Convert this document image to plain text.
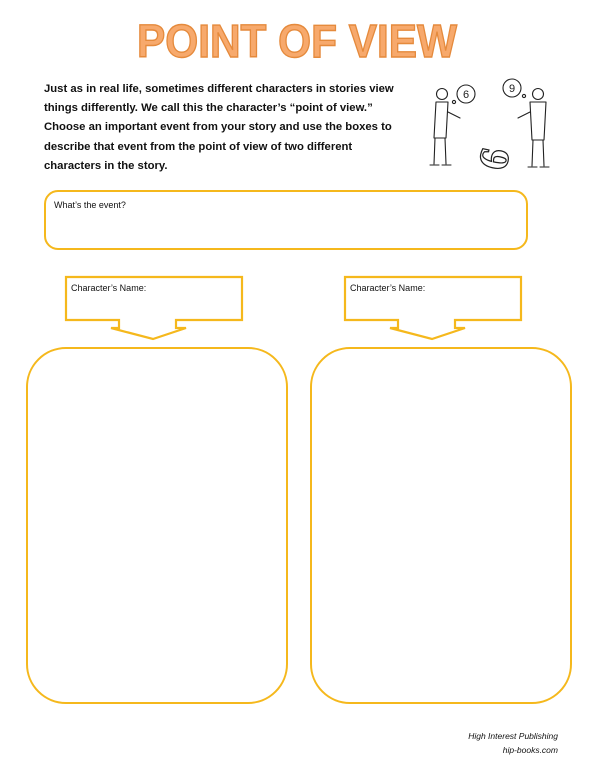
POINT OF VIEW
Just as in real life, sometimes different characters in stories view things differently. We call this the character’s “point of view.” Choose an important event from your story and use the boxes to describe that event from the point of view of two different characters in the story.
6	9
6
What’s the event?
Character’s Name:	Character’s Name:
High Interest Publishing
hip-books.com
